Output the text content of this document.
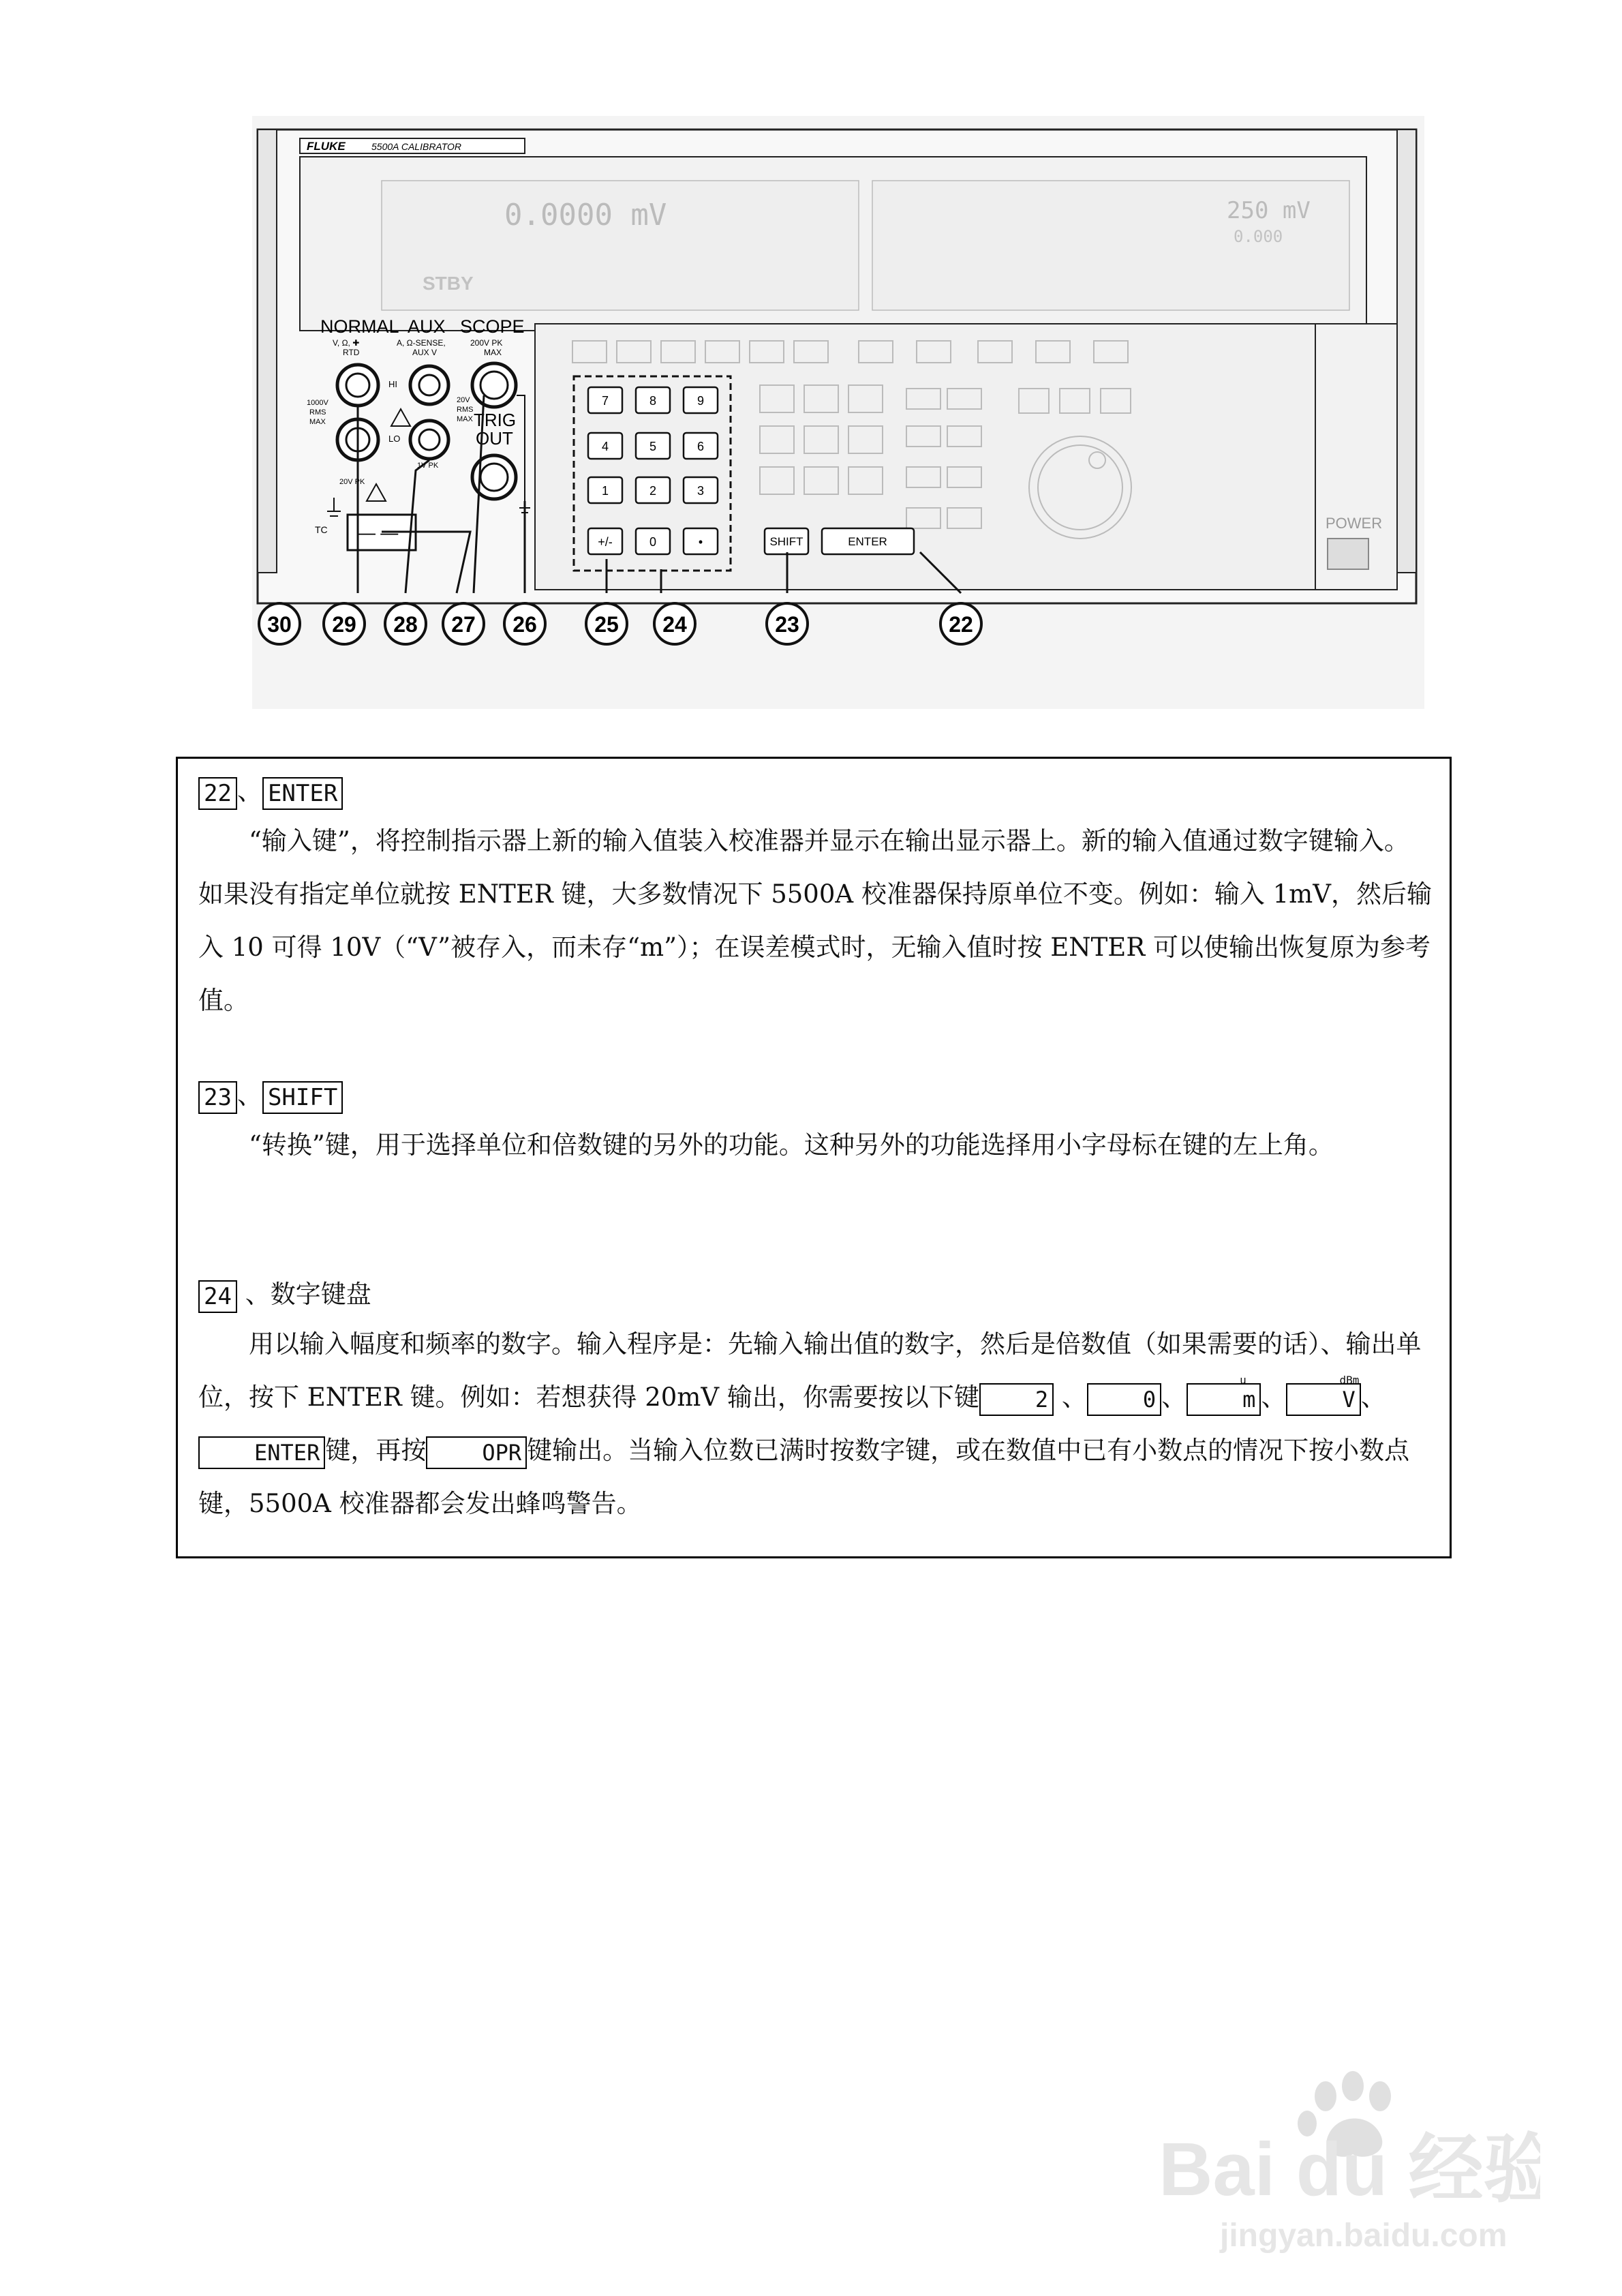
FLUKE	5500A CALIBRATOR
0.0000 mV
STBY
250 mV
0.000
NORMAL
V, Ω, ✚
RTD
AUX
A, Ω-SENSE,
AUX V
SCOPE
200V PK
MAX
HI
LO
1000V
RMS
MAX
20V
RMS
MAX
1V PK
20V PK
TRIG
OUT
TC — —	POWER
7	8	9
4	5	6
1	2	3
+/-	0	•	SHIFT	ENTER
30 29 28 27 26	25 24	23	22
22 、 ENTER

“输入键”，将控制指示器上新的输入值装入校准器并显示在输出显示器上。新的输入值通过数字键输入。如果没有指定单位就按 ENTER 键，大多数情况下 5500A 校准器保持原单位不变。例如：输入 1mV，然后输入 10 可得 10V（“V”被存入，而未存“m”）；在误差模式时，无输入值时按 ENTER 可以使输出恢复原为参考值。

23 、 SHIFT

“转换”键，用于选择单位和倍数键的另外的功能。这种另外的功能选择用小字母标在键的左上角。

24 、数字键盘

用以输入幅度和频率的数字。输入程序是：先输入输出值的数字，然后是倍数值（如果需要的话）、输出单位，按下 ENTER 键。例如：若想获得 20mV 输出，你需要按以下键	2 、	0 、
u
m 、
dBm
V 、ENTER 键，再按	OPR 键输出。当输入位数已满时按数字键，或在数值中已有小数点的情况下按小数点键，5500A 校准器都会发出蜂鸣警告。

Bai du 经验
jingyan.baidu.com
